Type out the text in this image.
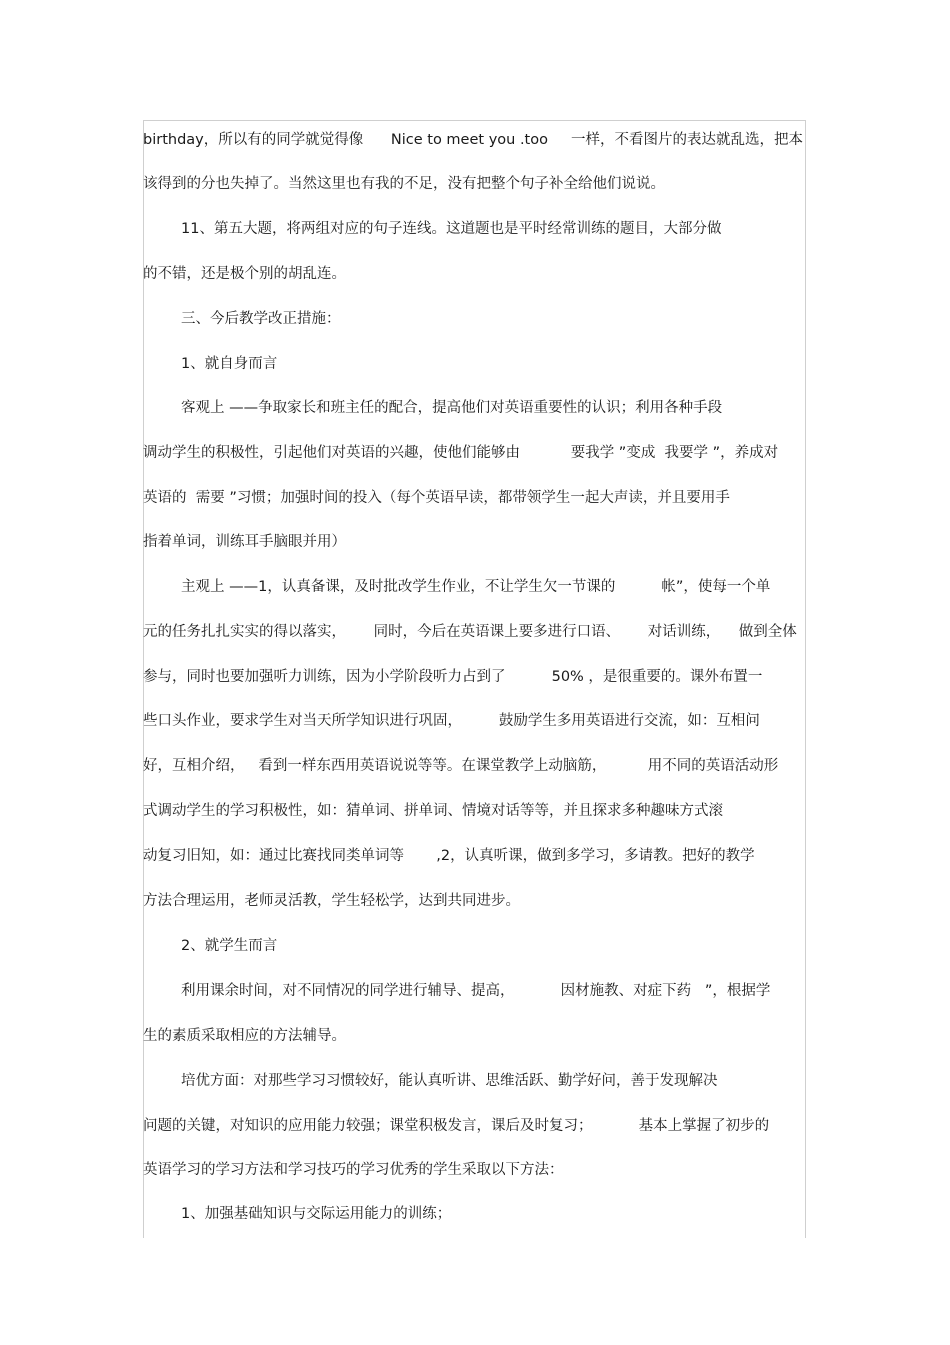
birthday，所以有的同学就觉得像      Nice to meet you .too     一样，不看图片的表达就乱选，把本
该得到的分也失掉了。当然这里也有我的不足，没有把整个句子补全给他们说说。
11、第五大题，将两组对应的句子连线。这道题也是平时经常训练的题目，大部分做
的不错，还是极个别的胡乱连。
三、今后教学改正措施：
1、就自身而言
客观上 ——争取家长和班主任的配合，提高他们对英语重要性的认识；利用各种手段
调动学生的积极性，引起他们对英语的兴趣，使他们能够由           要我学 ”变成  我要学 ”，养成对
英语的  需要 ”习惯；加强时间的投入（每个英语早读，都带领学生一起大声读，并且要用手
指着单词，训练耳手脑眼并用）
主观上 ——1，认真备课，及时批改学生作业，不让学生欠一节课的          帐”，使每一个单
元的任务扎扎实实的得以落实，      同时，今后在英语课上要多进行口语、      对话训练，    做到全体
参与，同时也要加强听力训练，因为小学阶段听力占到了          50% ，是很重要的。课外布置一
些口头作业，要求学生对当天所学知识进行巩固，        鼓励学生多用英语进行交流，如：互相问
好，互相介绍，   看到一样东西用英语说说等等。在课堂教学上动脑筋，         用不同的英语活动形
式调动学生的学习积极性，如：猜单词、拼单词、情境对话等等，并且探求多种趣味方式滚
动复习旧知，如：通过比赛找同类单词等       ,2，认真听课，做到多学习，多请教。把好的教学
方法合理运用，老师灵活教，学生轻松学，达到共同进步。
2、就学生而言
利用课余时间，对不同情况的同学进行辅导、提高，          因材施教、对症下药   ”，根据学
生的素质采取相应的方法辅导。
培优方面：对那些学习习惯较好，能认真听讲、思维活跃、勤学好问，善于发现解决
问题的关键，对知识的应用能力较强；课堂积极发言，课后及时复习；          基本上掌握了初步的
英语学习的学习方法和学习技巧的学习优秀的学生采取以下方法：
1、加强基础知识与交际运用能力的训练；
